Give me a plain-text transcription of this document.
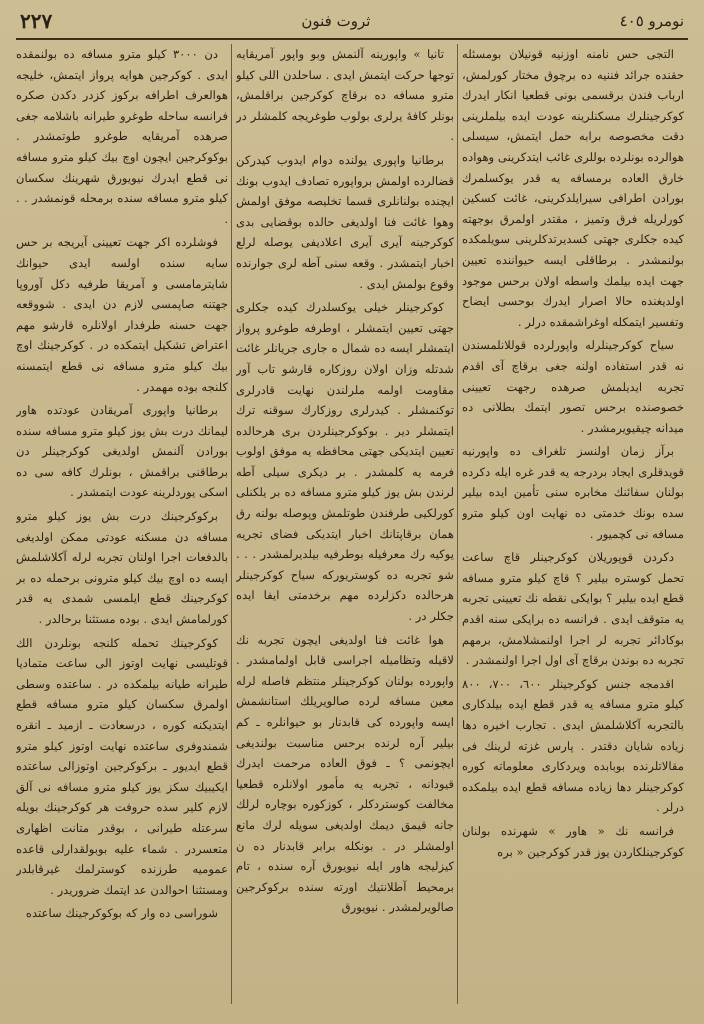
نومرو ٤٠٥
ثروت فنون
٢٢٧

التجى حس نامنه اوزنيه قونيلان بومسئله حقنده جرائد فننيه ده برچوق مختار كورلمش، ارباب فندن برقسمى بونى قطعيا انكار ايدرك كوكرجينلرك مسكنلرينه عودت ايده بيلملرينى دقت مخصوصه برابه حمل ايتمش، سيسلى هوالرده بونلرده بوللرى غائب ايتدكرينى وهواده خارق العاده برمسافه يه قدر يوكسلمرك بورادن اطرافى سيرايلدكرينى، غائت كسكين كورلريله فرق وتميز ، مقتدر اولمرق بوجهته كيده جكلرى جهتى كسديرتدكلرينى سويلمكده بولنمشدر . برطاقلى ايسه حيواننده تعيين جهت ايده بيلمك واسطه اولان برحس موجود اولديغنده حالا اصرار ايدرك بوحسى ايضاح وتفسير ايتمكله اوغراشمقده درلر .

سياح كوكرجينلرله واپورلرده قوللانلمسندن نه قدر استفاده اولنه جغى برقاچ آى اقدم تجربه ايديلمش صرهده رجهت تعيينى خصوصنده برحس تصور ايتمك بطلانى ده ميدانه چيقيويرمشدر .

برآز زمان اولنسز تلغراف ده واپورنيه قويدقلرى ايجاد بردرجه يه قدر غره ايله دكرده بولنان سفائنك مخابره سنى تأمين ايده بيلير سده بونك خدمتى ده نهايت اون كيلو مترو مسافه نى كچميور .

دكردن قوپوريلان كوكرجينلر قاچ ساعت تحمل كوستره بيلير ؟ قاچ كيلو مترو مسافه قطع ايده بيلير ؟ بوايكى نقطه نك تعيينى تجربه يه متوقف ايدى . فرانسه ده برايكى سنه اقدم بوكادائر تجربه لر اجرا اولنمشلامش، برمهم تجربه ده بوندن برقاچ آى اول اجرا اولنمشدر .

اقدمجه جنس كوكرجينلر ٦٠٠، ٧٠٠، ٨٠٠ كيلو مترو مسافه يه قدر قطع ايده بيلدكارى بالتجربه آكلاشلمش ايدى . تجارب اخيره دها زياده شايان دقتدر . پارس غزته لرينك فى مقالاتلرنده بوبابده ويردكارى معلوماته كوره كوكرجينلر دها زياده مسافه قطع ايده بيلمكده درلر .

فرانسه نك « هاور » شهرنده بولنان كوكرجينلكاردن يوز قدر كوكرجين « بره

تانيا » واپورينه آلنمش وبو واپور آمريقايه توجها حركت ايتمش ايدى . ساحلدن اللى كيلو مترو مسافه ده برقاچ كوكرجين براقلمش، بونلر كافهٔ يرلرى بولوب طوغريجه كلمشلر در .

برطانيا واپورى يولنده دوام ايدوب كيدركن قضالرده اولمش برواپوره تصادف ايدوب بونك ايچنده بولنانلرى قسما تخليصه موفق اولمش وهوا غائت فنا اولديغى حالده بوقضايى بدى كوكرجينه آيرى آيرى اعلاديفى يوصله لرلع اخبار ايتمشدر . وقعه سنى آطه لرى جوارنده وقوع بولمش ايدى .

كوكرجينلر خيلى يوكسلدرك كيده جكلرى جهتى تعيين ايتمشلر ، اوطرفه طوغرو پرواز ايتمشلر ايسه ده شمال ه جارى جريانلر غائت شدتله وزان اولان روزكاره قارشو تاب آور مقاومت اولمه ملرلندن نهايت قادرلرى توكنمشلر . كيدرلرى روزكارك سوقنه ترك ايتمشلر دير . بوكوكرجينلردن برى هرحالده تعيين ايتديكى جهتى محافظه يه موفق اولوب فرمه يه كلمشدر . بر ديكرى سيلى آطه لرندن بش يوز كيلو مترو مسافه ده بر يلكنلى كورلكيى طرفندن طوتلمش وپوصله بولنه رق همان برقاپتانك اخبار ايتديكى فضاى تجريه يوكيه رك معرفيله بوطرفيه بيلديرلمشدر . . . شو تجربه ده كوستريوركه سياح كوكرجينلر هرحالده دكزلرده مهم برخدمتى ايفا ايده جكلر در .

هوا غائت فنا اولديغى ايچون تجربه نك لاقيله وتظاميله اجراسى قابل اولمامشدر . واپورده بولنان كوكرجينلر منتظم فاصله لرله معين مسافه لرده صالويريلك استانشمش ايسه واپورده كى قابدنار بو حيوانلره ـ كم بيلير آره لرنده برحس مناسبت بولنديغى ايچونمى ؟ ـ فوق العاده مرحمت ايدرك قيودانه ، تجربه يه مأمور اولانلره قطعيا مخالفت كوستردكلر ، كوزكوره بوچاره لرلك جانه قيمق ديمك اولديغى سويله لرك مانع اولمشلر در . بونكله برابر قابدنار ده ن كيزليجه هاور ايله نيويورق آره سنده ، تام برمحيط آطلانتيك اورته سنده بركوكرجين صالويرلمشدر . نيويورق

دن ٣٠٠٠ كيلو مترو مسافه ده بولنمقده ايدى . كوكرجين هوايه پرواز ايتمش، خليجه هوالعرف اطرافه بركوز كزدر دكدن صكره فرانسه ساحله طوغرو طيرانه باشلامه جغى صرهده آمريقايه طوغرو طوتمشدر . بوكوكرجين ايچون اوچ بيك كيلو مترو مسافه نى قطع ايدرك نيويورق شهرينك سكسان كيلو مترو مسافه سنده برمحله قونمشدر . . .

فوشلرده اكر جهت تعيينى آيريجه بر حس سايه سنده اولسه ايدى حيوانك شايترمامسى و آمريقا طرفيه دكل آوروپا جهتنه صاپمسى لازم دن ايدى . شووقعه جهت حسنه طرفدار اولانلره قارشو مهم اعتراض تشكيل ايتمكده در . كوكرجينك اوچ بيك كيلو مترو مسافه نى قطع ايتمسنه كلنجه بوده مهمدر .

برطانيا واپورى آمريقادن عودتده هاور ليمانك درت بش يوز كيلو مترو مسافه سنده بورادن آلنمش اولديغى كوكرجينلر دن برطاقنى براقمش ، بونلرك كافه سى ده اسكى يوردلرينه عودت ايتمشدر .

بركوكرجينك درت بش يوز كيلو مترو مسافه دن مسكنه عودتى ممكن اولديغى بالدفعات اجرا اولنان تجربه لرله آكلاشلمش ايسه ده اوچ بيك كيلو مترونى برحمله ده بر كوكرجينك قطع ايلمسى شمدى يه قدر كورلمامش ايدى . بوده مستثنا برحالدر .

كوكرجينك تحمله كلنجه بونلردن الك قوتليسى نهايت اوتوز الى ساعت متماديا طيرانه طيانه بيلمكده در . ساعتده وسطى اولمرق سكسان كيلو مترو مسافه قطع ايتديكنه كوره ، درسعادت ـ ازميد ـ انقره شمندوفرى ساعتده نهايت اوتوز كيلو مترو قطع ايديور ـ بركوكرجين اوتوزالى ساعتده ايكيبيك سكز يوز كيلو مترو مسافه نى آلق لازم كلير سده حروفت هر كوكرجينك بويله سرعتله طيرانى ، بوقدر متانت اظهارى متعسردر . شماء عليه بوبولقدارلى قاعده عموميه طرزنده كوسترلمك غيرقابلدر ومستثنا احوالدن عد ايتمك ضروريدر .

شوراسى ده وار كه بوكوكرجينك ساعتده
